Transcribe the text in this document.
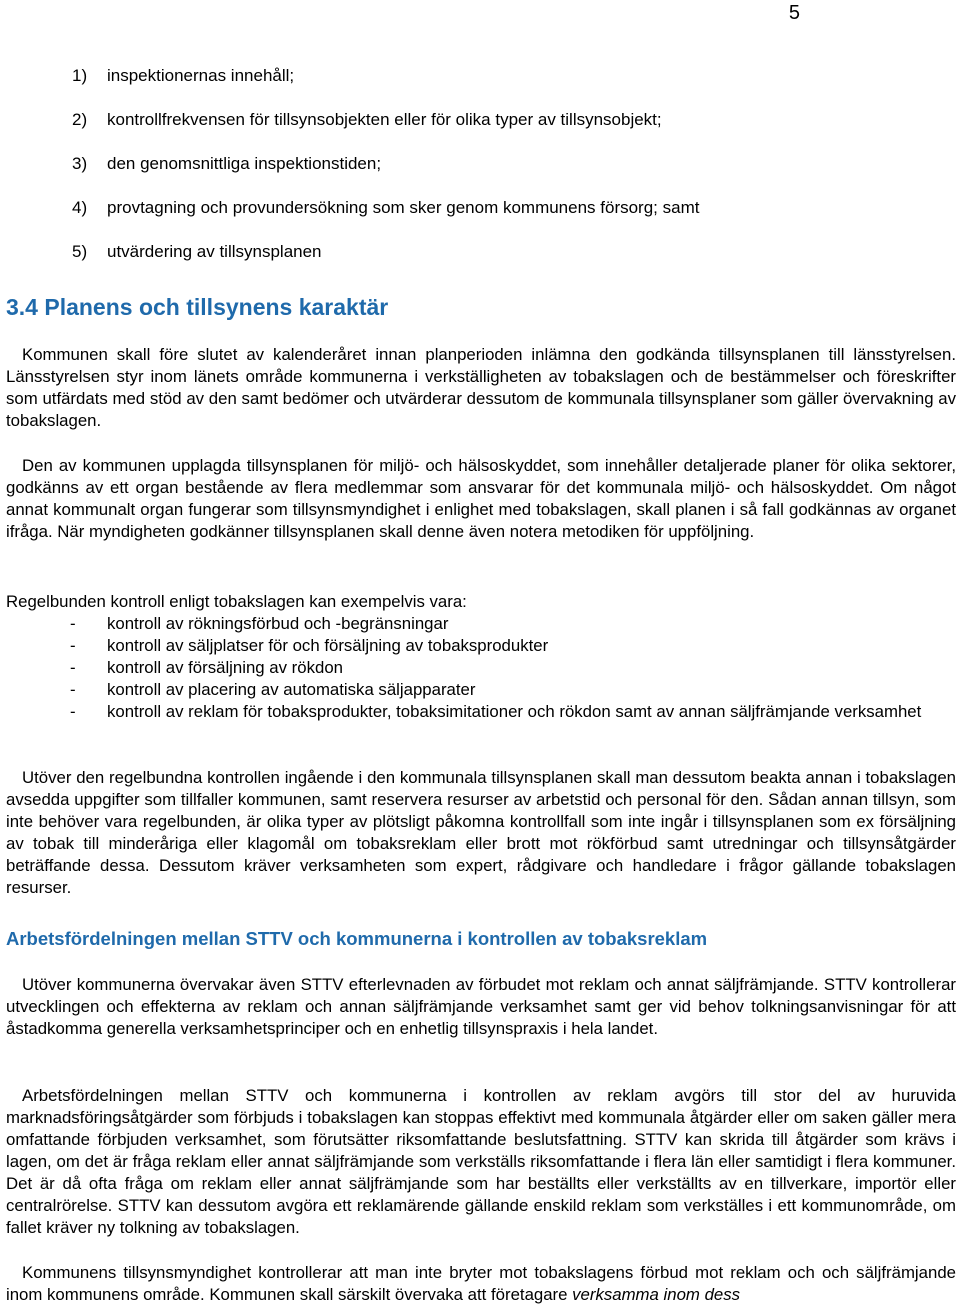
5
1) inspektionernas innehåll;
2) kontrollfrekvensen för tillsynsobjekten eller för olika typer av tillsynsobjekt;
3) den genomsnittliga inspektionstiden;
4) provtagning och provundersökning som sker genom kommunens försorg; samt
5) utvärdering av tillsynsplanen
3.4 Planens och tillsynens karaktär

Kommunen skall före slutet av kalenderåret innan planperioden inlämna den godkända tillsynsplanen till länsstyrelsen. Länsstyrelsen styr inom länets område kommunerna i verkställigheten av tobakslagen och de bestämmelser och föreskrifter som utfärdats med stöd av den samt bedömer och utvärderar dessutom de kommunala tillsynsplaner som gäller övervakning av tobakslagen.

Den av kommunen upplagda tillsynsplanen för miljö- och hälsoskyddet, som innehåller detaljerade planer för olika sektorer, godkänns av ett organ bestående av flera medlemmar som ansvarar för det kommunala miljö- och hälsoskyddet. Om något annat kommunalt organ fungerar som tillsynsmyndighet i enlighet med tobakslagen, skall planen i så fall godkännas av organet ifråga. När myndigheten godkänner tillsynsplanen skall denne även notera metodiken för uppföljning.

Regelbunden kontroll enligt tobakslagen kan exempelvis vara:

-	kontroll av rökningsförbud och -begränsningar
-	kontroll av säljplatser för och försäljning av tobaksprodukter
-	kontroll av försäljning av rökdon
-	kontroll av placering av automatiska säljapparater
-	kontroll av reklam för tobaksprodukter, tobaksimitationer och rökdon samt av annan säljfrämjande verksamhet

Utöver den regelbundna kontrollen ingående i den kommunala tillsynsplanen skall man dessutom beakta annan i tobakslagen avsedda uppgifter som tillfaller kommunen, samt reservera resurser av arbetstid och personal för den. Sådan annan tillsyn, som inte behöver vara regelbunden, är olika typer av plötsligt påkomna kontrollfall som inte ingår i tillsynsplanen som ex försäljning av tobak till minderåriga eller klagomål om tobaksreklam eller brott mot rökförbud samt utredningar och tillsynsåtgärder beträffande dessa. Dessutom kräver verksamheten som expert, rådgivare och handledare i frågor gällande tobakslagen resurser.

Arbetsfördelningen mellan STTV och kommunerna i kontrollen av tobaksreklam

Utöver kommunerna övervakar även STTV efterlevnaden av förbudet mot reklam och annat säljfrämjande. STTV kontrollerar utvecklingen och effekterna av reklam och annan säljfrämjande verksamhet samt ger vid behov tolkningsanvisningar för att åstadkomma generella verksamhetsprinciper och en enhetlig tillsynspraxis i hela landet.

Arbetsfördelningen mellan STTV och kommunerna i kontrollen av reklam avgörs till stor del av huruvida marknadsföringsåtgärder som förbjuds i tobakslagen kan stoppas effektivt med kommunala åtgärder eller om saken gäller mera omfattande förbjuden verksamhet, som förutsätter riksomfattande beslutsfattning. STTV kan skrida till åtgärder som krävs i lagen, om det är fråga reklam eller annat säljfrämjande som verkställs riksomfattande i flera län eller samtidigt i flera kommuner. Det är då ofta fråga om reklam eller annat säljfrämjande som har beställts eller verkställts av en tillverkare, importör eller centralrörelse. STTV kan dessutom avgöra ett reklamärende gällande enskild reklam som verkställes i ett kommunområde, om fallet kräver ny tolkning av tobakslagen.

Kommunens tillsynsmyndighet kontrollerar att man inte bryter mot tobakslagens förbud mot reklam och och säljfrämjande inom kommunens område. Kommunen skall särskilt övervaka att företagare verksamma inom dess
